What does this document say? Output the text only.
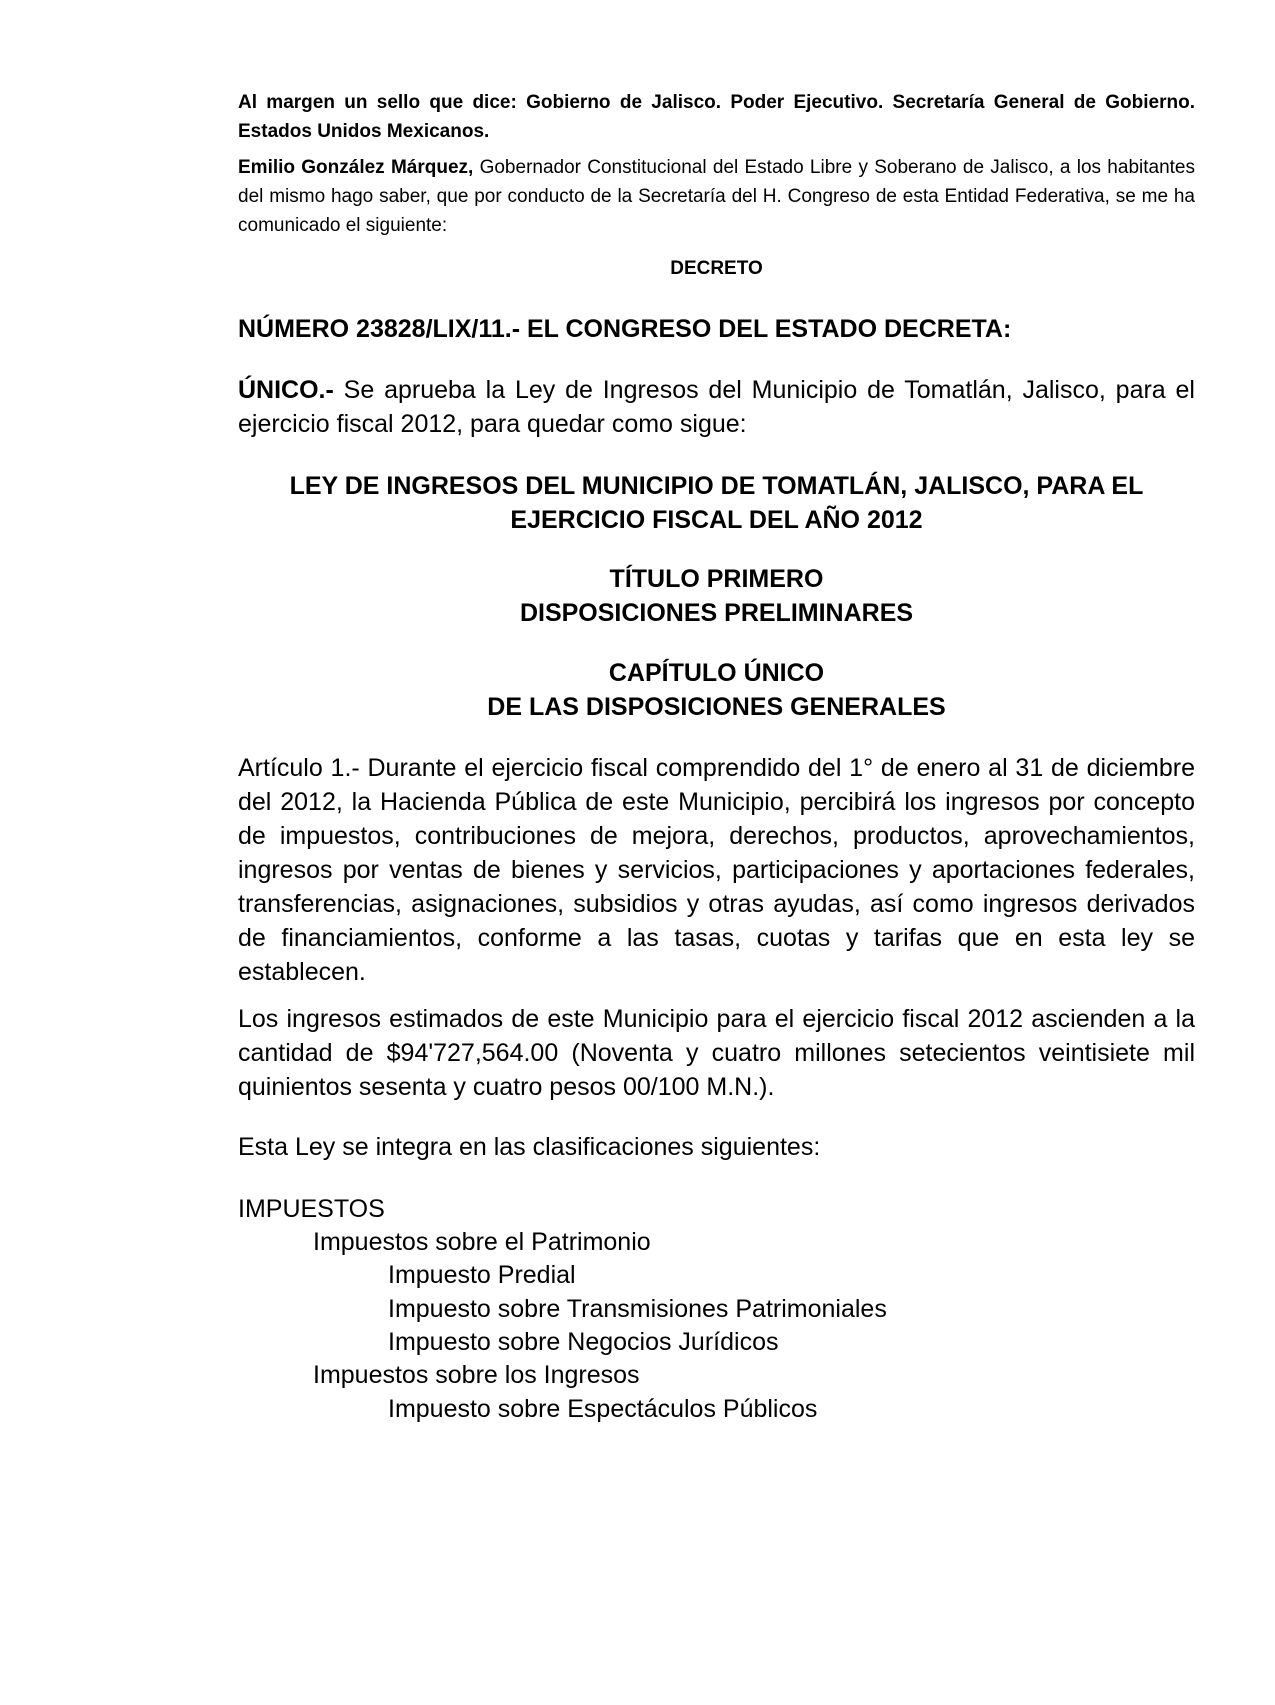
Al margen un sello que dice: Gobierno de Jalisco. Poder Ejecutivo. Secretaría General de Gobierno. Estados Unidos Mexicanos.

Emilio González Márquez, Gobernador Constitucional del Estado Libre y Soberano de Jalisco, a los habitantes del mismo hago saber, que por conducto de la Secretaría del H. Congreso de esta Entidad Federativa, se me ha comunicado el siguiente:

DECRETO

NÚMERO 23828/LIX/11.- EL CONGRESO DEL ESTADO DECRETA:

ÚNICO.- Se aprueba la Ley de Ingresos del Municipio de Tomatlán, Jalisco, para el ejercicio fiscal 2012, para quedar como sigue:

LEY DE INGRESOS DEL MUNICIPIO DE TOMATLÁN, JALISCO, PARA EL
EJERCICIO FISCAL DEL AÑO 2012
TÍTULO PRIMERO
DISPOSICIONES PRELIMINARES
CAPÍTULO ÚNICO
DE LAS DISPOSICIONES GENERALES

Artículo 1.- Durante el ejercicio fiscal comprendido del 1° de enero al 31 de diciembre del 2012, la Hacienda Pública de este Municipio, percibirá los ingresos por concepto de impuestos, contribuciones de mejora, derechos, productos, aprovechamientos, ingresos por ventas de bienes y servicios, participaciones y aportaciones federales, transferencias, asignaciones, subsidios y otras ayudas, así como ingresos derivados de financiamientos, conforme a las tasas, cuotas y tarifas que en esta ley se establecen.

Los ingresos estimados de este Municipio para el ejercicio fiscal 2012 ascienden a la cantidad de $94'727,564.00 (Noventa y cuatro millones setecientos veintisiete mil quinientos sesenta y cuatro pesos 00/100 M.N.).

Esta Ley se integra en las clasificaciones siguientes:

IMPUESTOS
Impuestos sobre el Patrimonio
Impuesto Predial
Impuesto sobre Transmisiones Patrimoniales
Impuesto sobre Negocios Jurídicos
Impuestos sobre los Ingresos
Impuesto sobre Espectáculos Públicos
